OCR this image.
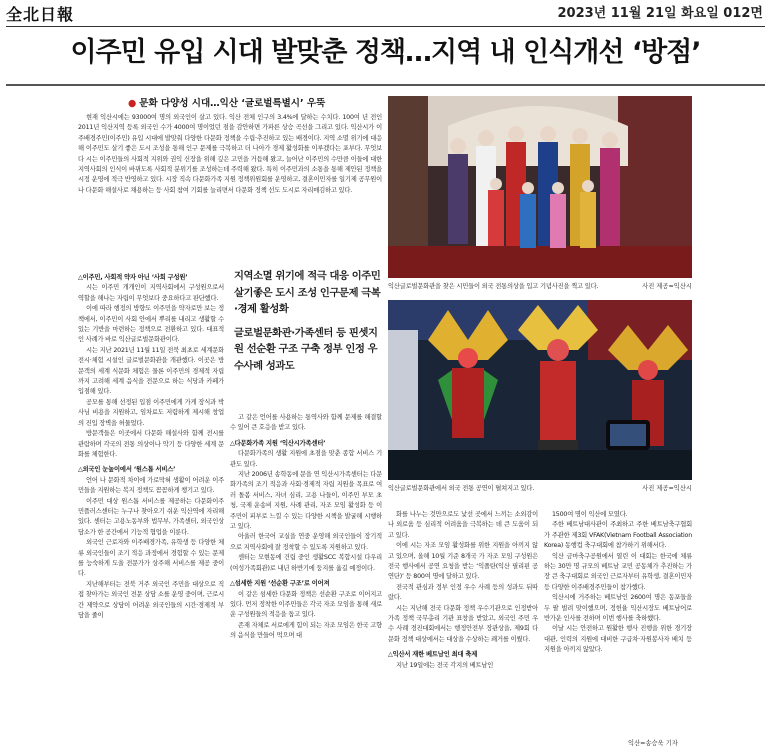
全北日報	2023년 11월 21일 화요일 012면
이주민 유입 시대 발맞춘 정책…지역 내 인식개선 ‘방점’
● 문화 다양성 시대…익산 ‘글로벌특별시’ 우뚝

현재 익산시에는 93000여 명의 외국인이 살고 있다. 익산 전체 인구의 3.4%에 달하는 수치다. 100여 년 전인 2011년 익산지역 등록 외국인 수가 4000여 명이었던 점을 감안하면 가파른 상승 곡선을 그리고 있다. 익산시가 이주배경주민(이주민) 유입 시대에 발맞춰 다양한 다문화 정책을 수립·추진하고 있는 배경이다. 지역 소멸 위기에 대응해 이주민도 살기 좋은 도시 조성을 통해 인구 문제를 극복하고 더 나아가 경제 활성화를 이루겠다는 포부다. 무엇보다 시는 이주민들의 사회적 지위와 권익 신장을 위해 깊은 고민을 거듭해 왔고, 늘어난 이주민의 수만큼 이들에 대한 지역사회의 인식이 바뀌도록 사회적 분위기를 조성하는데 주력해 왔다. 특히 이주민과의 소통을 통해 제안된 정책을 시정 운영에 적극 반영하고 있다. 시장 직속 다문화가족 지원 정책위원회를 운영하고, 결혼이민자를 일기제 공무원이나 다문화 해설사로 채용하는 등 사회 참여 기회를 늘리면서 다문화 정책 선도 도시로 자리매김하고 있다.

지역소멸 위기에 적극 대응 이주민 살기좋은 도시 조성 인구문제 극복·경제 활성화

글로벌문화관·가족센터 등 핀셋지원 선순환 구조 구축 정부 인정 우수사례 성과도

△이주민, 사회적 약자 아닌 ‘사회 구성원’

시는 이주민 개개인이 지역사회에서 구성원으로서 역할을 해나는 자립이 무엇보다 중요하다고 판단했다.

이에 따라 행정의 방향도 이주민을 약자로만 보는 정책에서, 이주민이 사회 안에서 뿌리를 내리고 생활할 수 있는 기반을 마련하는 정책으로 전환하고 있다. 대표적인 사례가 바로 익산글로벌문화관이다.

시는 지난 2021년 11월 11일 전북 최초로 세계문화 전시·체험 시설인 글로벌문화관을 개관했다. 이곳은 방문객의 세계 식문화 체험은 물론 이주민의 경제적 자립까지 고려해 세계 음식을 전문으로 하는 식당과 카페가 입점해 있다.

공모를 통해 선정된 입점 이주민에게 가게 장식과 박사님 비용을 지원하고, 임차료도 저렴하게 제시해 창업의 진입 장벽을 허물었다.

방문객들은 이곳에서 다문화 해설사와 함께 전시를 관람하며 각국의 전통 의상이나 악기 등 다양한 세계 문화를 체험한다.

△외국인 눈높이에서 ‘원스톱 서비스’

언어 나 문화적 차이에 가로막혀 생활이 어려운 이주민들을 지원하는 복지 정책도 꼼꼼하게 챙기고 있다.

이주민 대상 원스톱 서비스를 제공하는 다문화이주민플러스센터는 누구나 찾아오기 쉬운 익산역에 자리해 있다. 센터는 고용노동부와 법무부, 가족센터, 외국인상담소가 한 공간에서 기능적 협업을 이룬다.

외국인 근로자와 이주배경가족, 유학생 등 다양한 체류 외국인들이 조기 적응 과정에서 경험할 수 있는 문제를 능숙하게 도울 전문가가 상주해 서비스를 제공 중이다.

지난해부터는 전북 거주 외국인 주민을 대상으로 직접 찾아가는 외국인 전문 상담 소를 운영 중이며, 근로시간 제약으로 상담이 어려운 외국인들의 시간·경제적 부담을 줄이

고 같은 언어를 사용하는 통역사와 함께 문제를 해결할 수 있어 큰 호응을 받고 있다.

△다문화가족 지원 ‘익산시가족센터’

다문화가족의 생활 지원에 초점을 맞춘 종합 서비스 기관도 있다.

지난 2006년 송학동에 문을 연 익산시가족센터는 다문화가족의 조기 적응과 사회·경제적 자립 지원을 목표로 여러 돌봄 서비스, 자녀 심리, 고용 나들이, 이주민 부모 초청, 국제 운송비 지원, 사례 관리, 자조 모임 활성화 등 이주민이 피부로 느낄 수 있는 다양한 시책을 발굴해 시행하고 있다.

아울러 한국어 교실을 연중 운영해 외국인들이 장기적으로 지역사회에 잘 정착할 수 있도록 지원하고 있다.

센터는 모현동에 건립 중인 생활SCC 복합시설 다우리(여성가족회관)로 내년 하반기에 둥지를 옮길 예정이다.

△섬세한 지원 ‘선순환 구조’로 이어져

이 같은 섬세한 다문화 정책은 선순환 구조로 이어지고 있다. 먼저 정착한 이주민들은 각국 자조 모임을 통해 새로운 구성원들의 적응을 돕고 있다.

존재 자체로 서로에게 힘이 되는 자조 모임은 한국 고향의 음식을 만들어 먹으며 대

화를 나누는 것만으로도 낯선 곳에서 느끼는 소외감이나 외로움 등 심리적 어려움을 극복하는 데 큰 도움이 되고 있다.

이에 시는 자조 모임 활성화를 위한 지원을 아끼지 않고 있으며, 올해 10월 기준 8개국 가 자조 모임 구성원은 전국 행사에서 공연 요청을 받는 ‘익폴탄(익산 필리핀 공연단)’ 등 800여 명에 달하고 있다.

전국적 관심과 정부 인정 우수 사례 등의 성과도 뒤따랐다.

시는 지난해 전국 다문화 정책 우수기관으로 인정받아 가족 정책 국무총리 기관 표창을 받았고, 외국인 주민 우수 사례 경진대회에서는 행정안전부 장관상을, 제9회 다문화 정책 대상에서는 대상을 수상하는 쾌거를 이뤘다.

△익산서 재한 베트남인 최대 축제

지난 19일에는 전국 각지의 베트남인

1500여 명이 익산에 모였다.

주한 베트남대사관이 주최하고 주한 베트남축구협회가 주관한 제3회 VFAK(Vietnam Football Association Korea) 동행컵 축구대회에 참가하기 위해서다.

익산 금마축구공원에서 열린 이 대회는 한국에 체류하는 30만 명 규모의 베트남 교민 공동체가 추진하는 가장 큰 축구대회로 외국인 근로자부터 유학생, 결혼이민자 등 다양한 이주배경주민들이 참가했다.

익산시에 거주하는 베트남인 2600여 명은 동포들을 두 팔 벌려 맞이했으며, 정헌율 익산시장도 베트남어로 반가운 인사를 전하며 이번 행사를 축하했다.

이날 시는 안전하고 원활한 행사 진행을 위한 경기장 대관, 인력의 지원에 대비한 구급차·자원봉사자 배치 등 지원을 아끼지 않았다.

익산글로벌문화관을 찾은 시민들이 외국 전통의상을 입고 기념사진을 찍고 있다.	사진 제공=익산시
익산글로벌문화관에서 외국 전통 공연이 펼쳐지고 있다.	사진 제공=익산시
익산=송승욱 기자
